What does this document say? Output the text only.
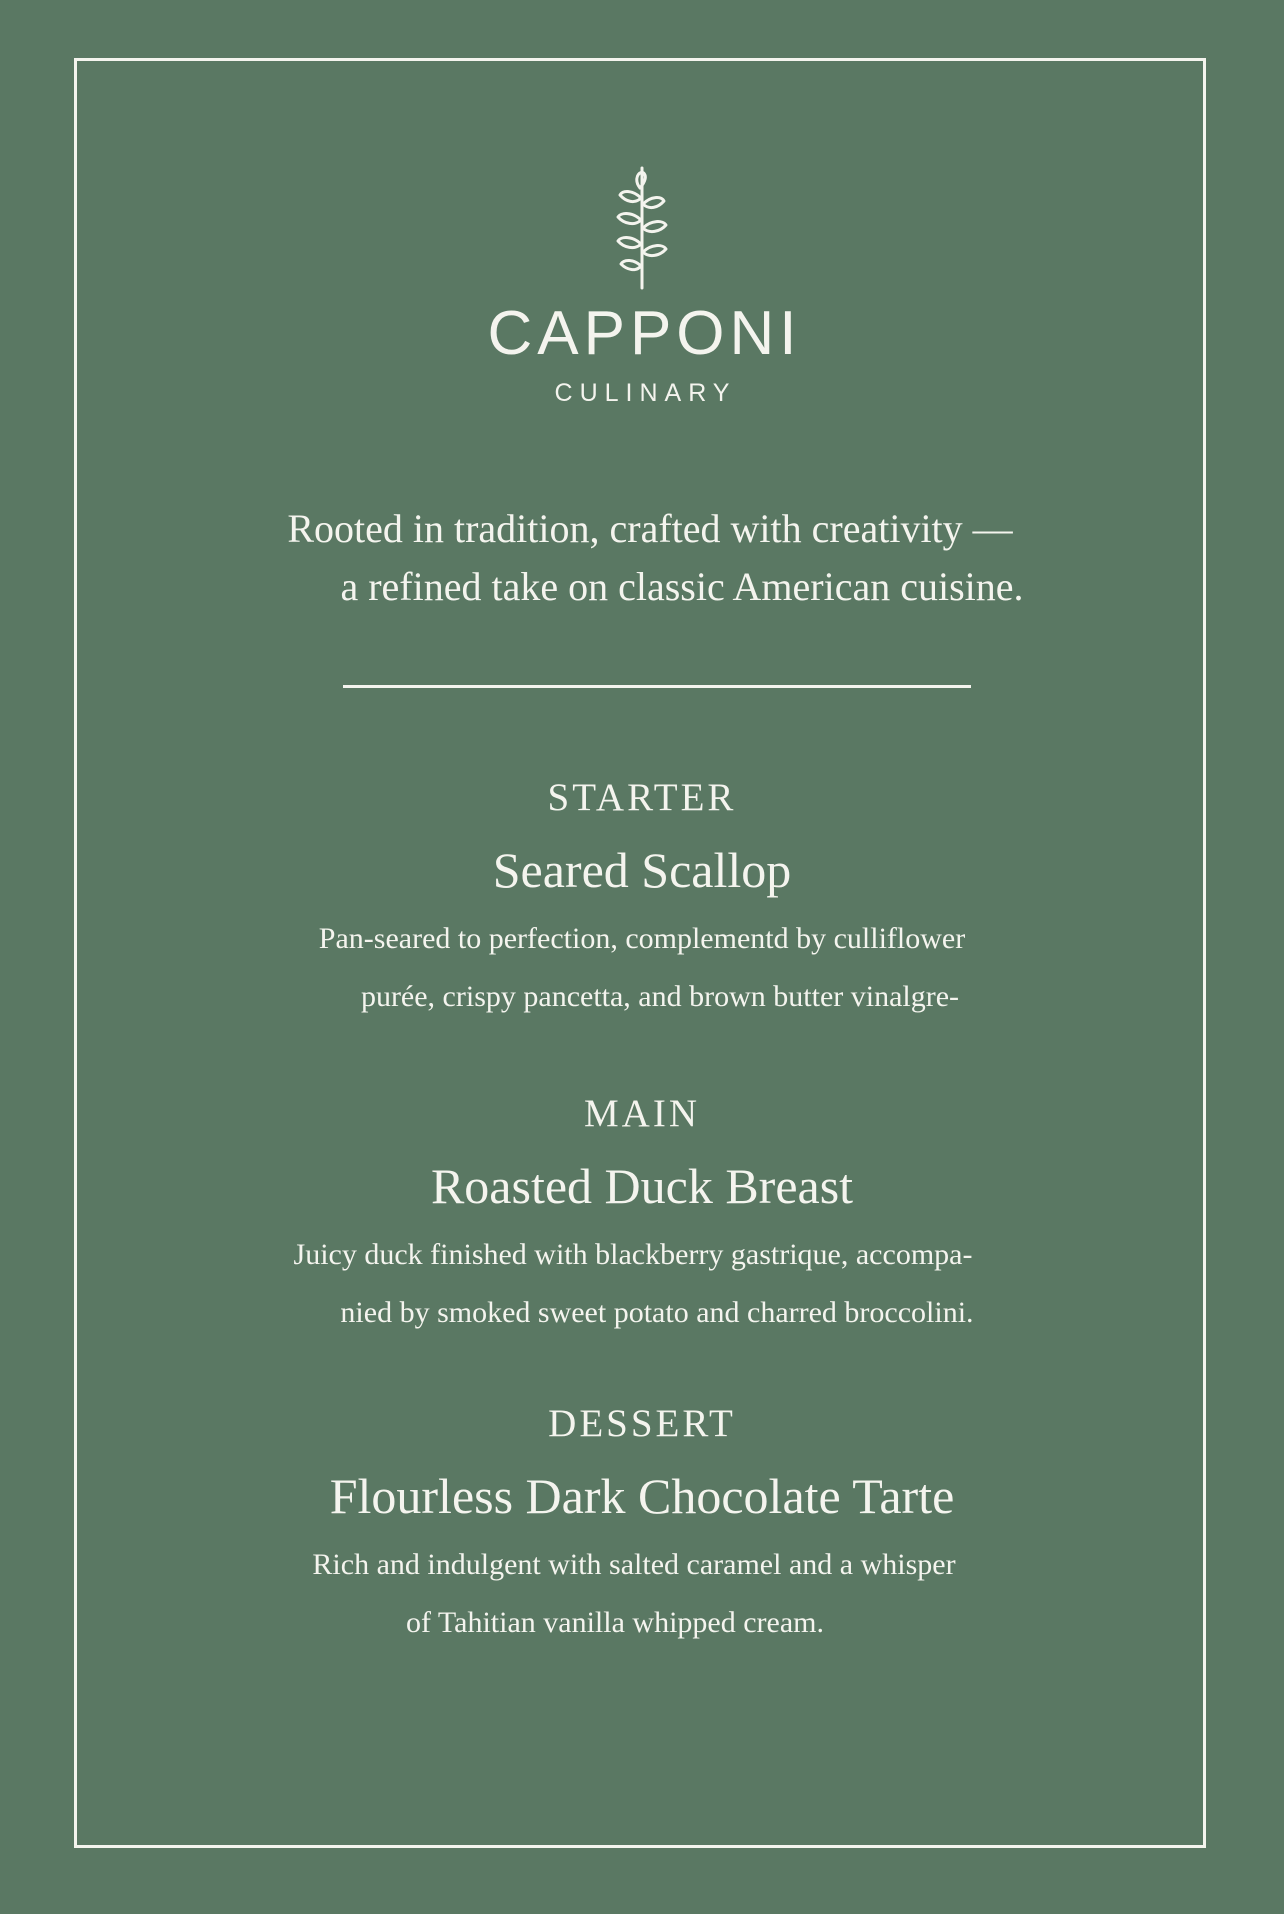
CAPPONI
CULINARY
Rooted in tradition, crafted with creativity —
a refined take on classic American cuisine.
STARTER
Seared Scallop
Pan-seared to perfection, complementd by culliflower
purée, crispy pancetta, and brown butter vinalgre-
MAIN
Roasted Duck Breast
Juicy duck finished with blackberry gastrique, accompa-
nied by smoked sweet potato and charred broccolini.
DESSERT
Flourless Dark Chocolate Tarte
Rich and indulgent with salted caramel and a whisper
of Tahitian vanilla whipped cream.
